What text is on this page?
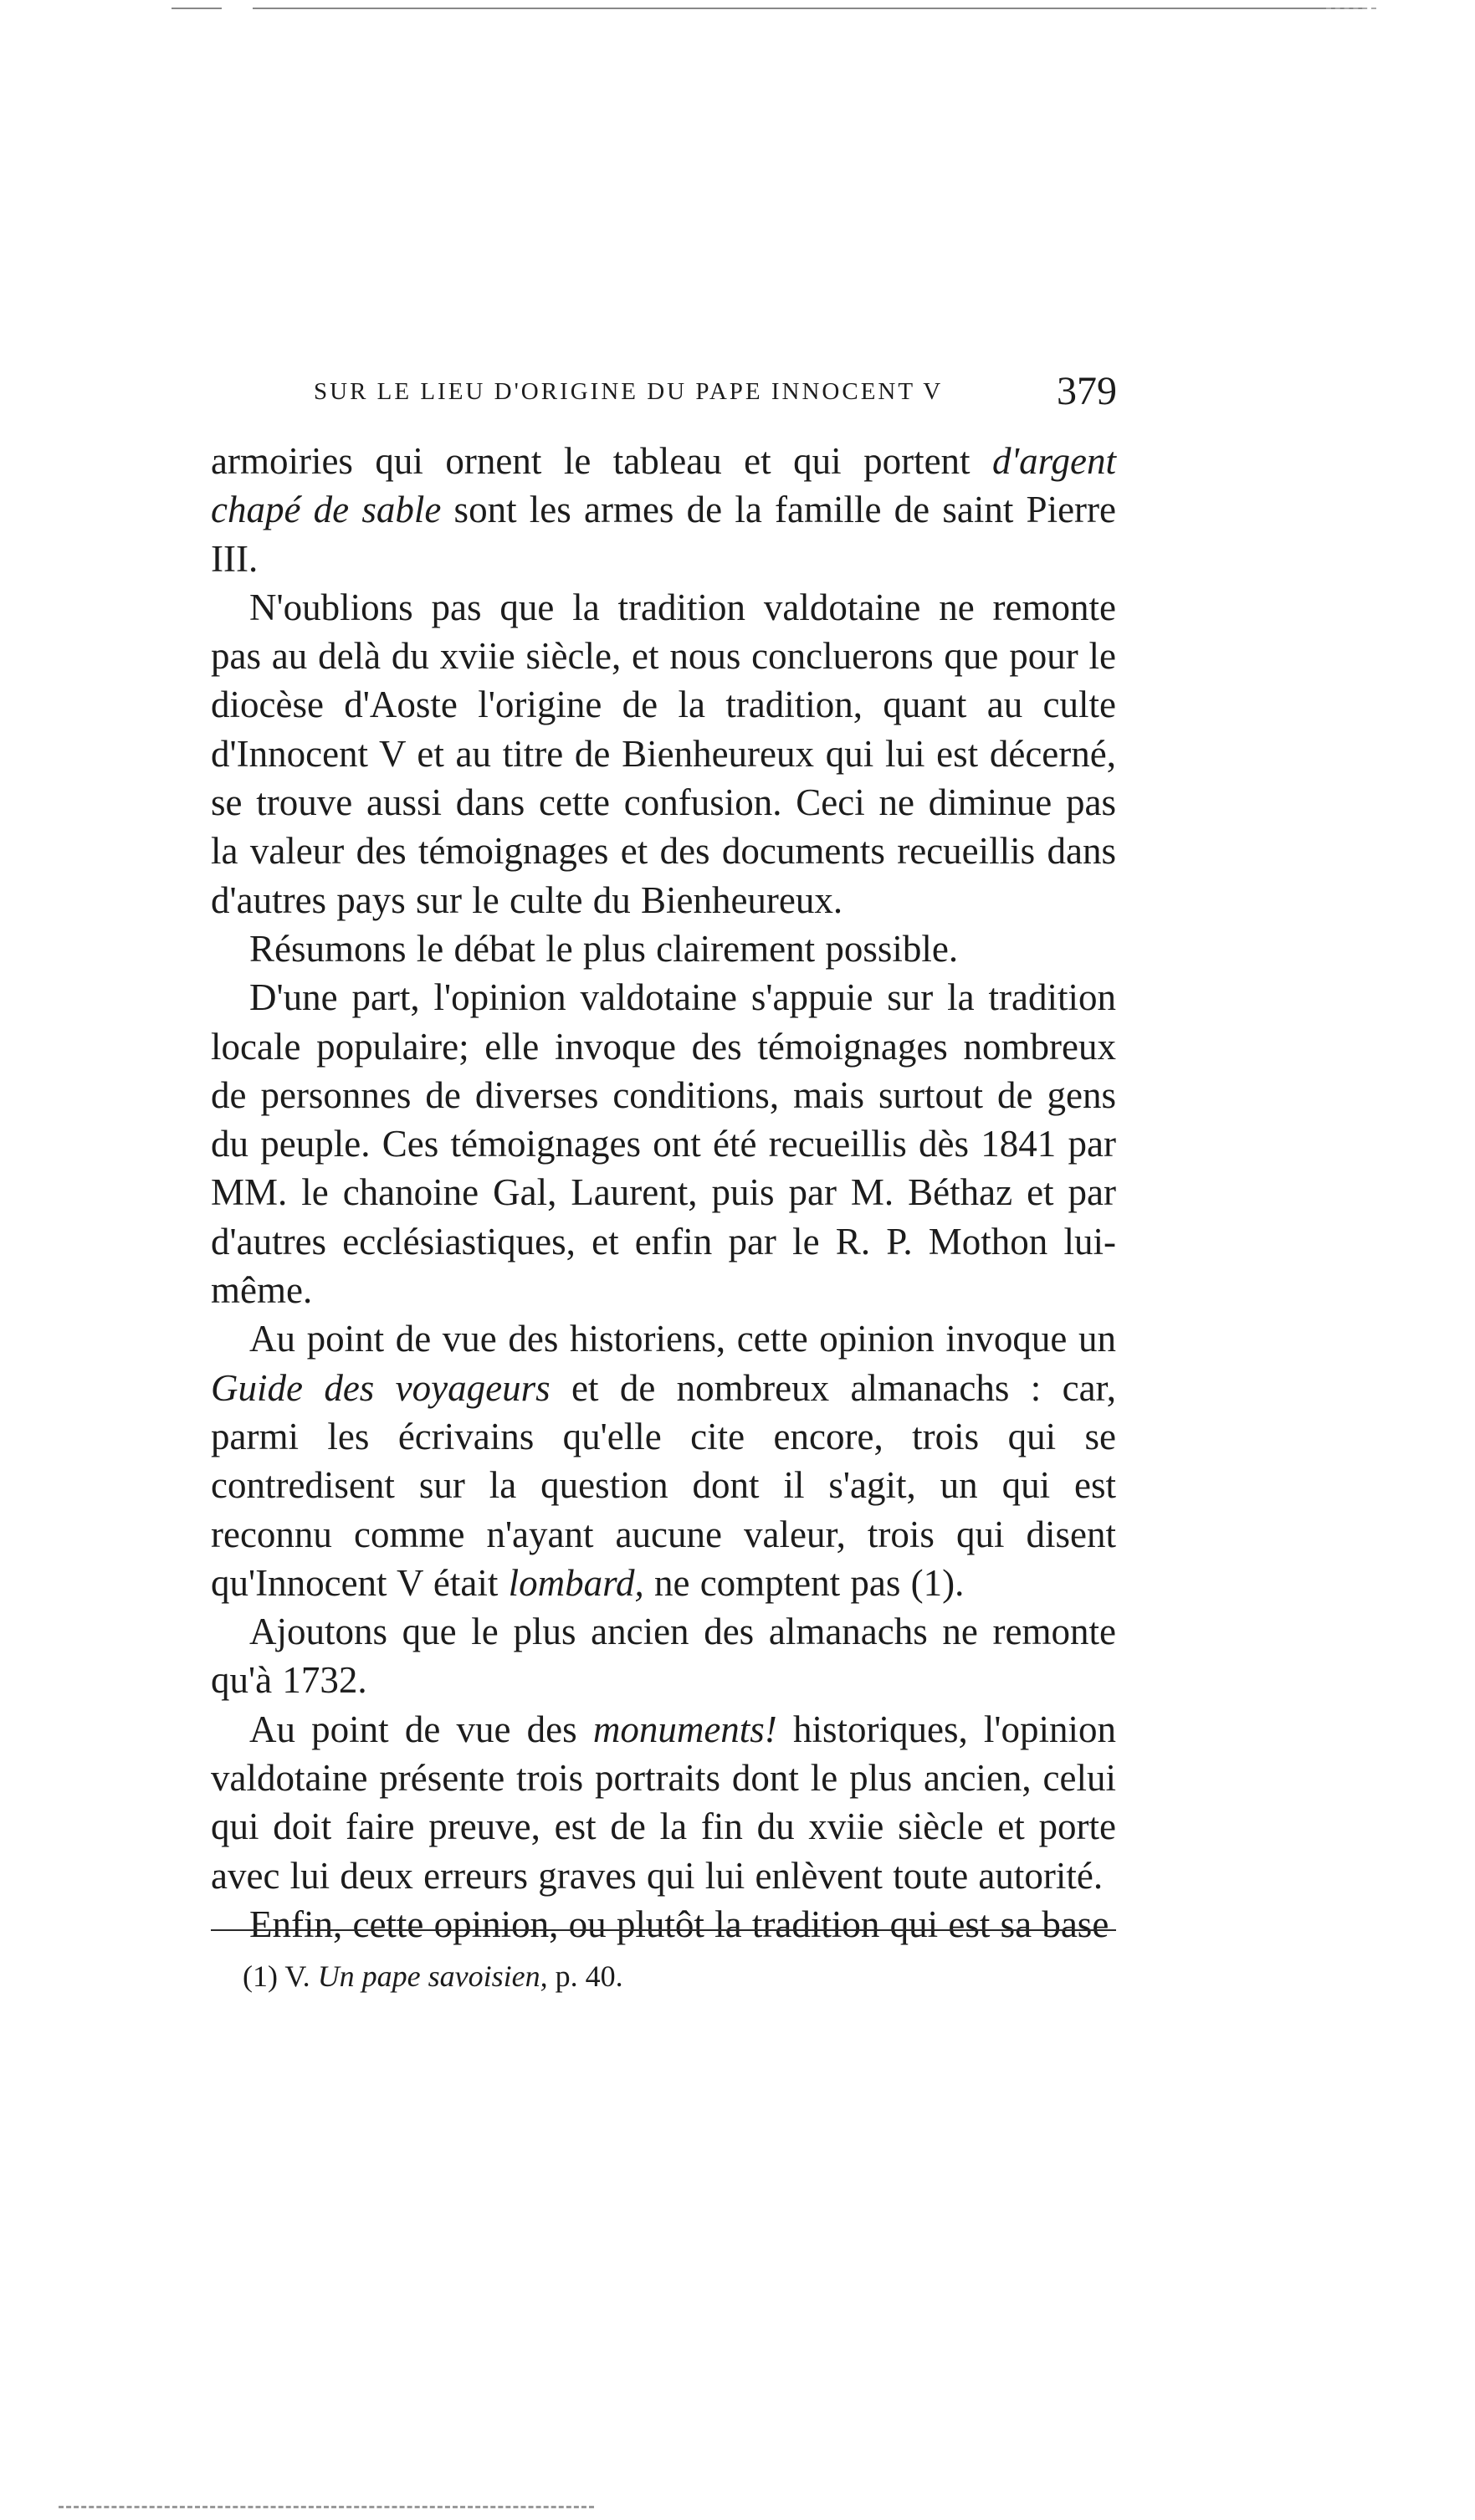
SUR LE LIEU D'ORIGINE DU PAPE INNOCENT V	379

armoiries qui ornent le tableau et qui portent d'argent chapé de sable sont les armes de la famille de saint Pierre III.

N'oublions pas que la tradition valdotaine ne remonte pas au delà du xviie siècle, et nous concluerons que pour le diocèse d'Aoste l'origine de la tradition, quant au culte d'Innocent V et au titre de Bienheureux qui lui est décerné, se trouve aussi dans cette confusion. Ceci ne diminue pas la valeur des témoignages et des documents recueillis dans d'autres pays sur le culte du Bienheureux.

Résumons le débat le plus clairement possible.

D'une part, l'opinion valdotaine s'appuie sur la tradition locale populaire; elle invoque des témoignages nombreux de personnes de diverses conditions, mais surtout de gens du peuple. Ces témoignages ont été recueillis dès 1841 par MM. le chanoine Gal, Laurent, puis par M. Béthaz et par d'autres ecclésiastiques, et enfin par le R. P. Mothon lui-même.

Au point de vue des historiens, cette opinion invoque un Guide des voyageurs et de nombreux almanachs : car, parmi les écrivains qu'elle cite encore, trois qui se contredisent sur la question dont il s'agit, un qui est reconnu comme n'ayant aucune valeur, trois qui disent qu'Innocent V était lombard, ne comptent pas (1).

Ajoutons que le plus ancien des almanachs ne remonte qu'à 1732.

Au point de vue des monuments! historiques, l'opinion valdotaine présente trois portraits dont le plus ancien, celui qui doit faire preuve, est de la fin du xviie siècle et porte avec lui deux erreurs graves qui lui enlèvent toute autorité.

Enfin, cette opinion, ou plutôt la tradition qui est sa base

(1) V. Un pape savoisien, p. 40.
